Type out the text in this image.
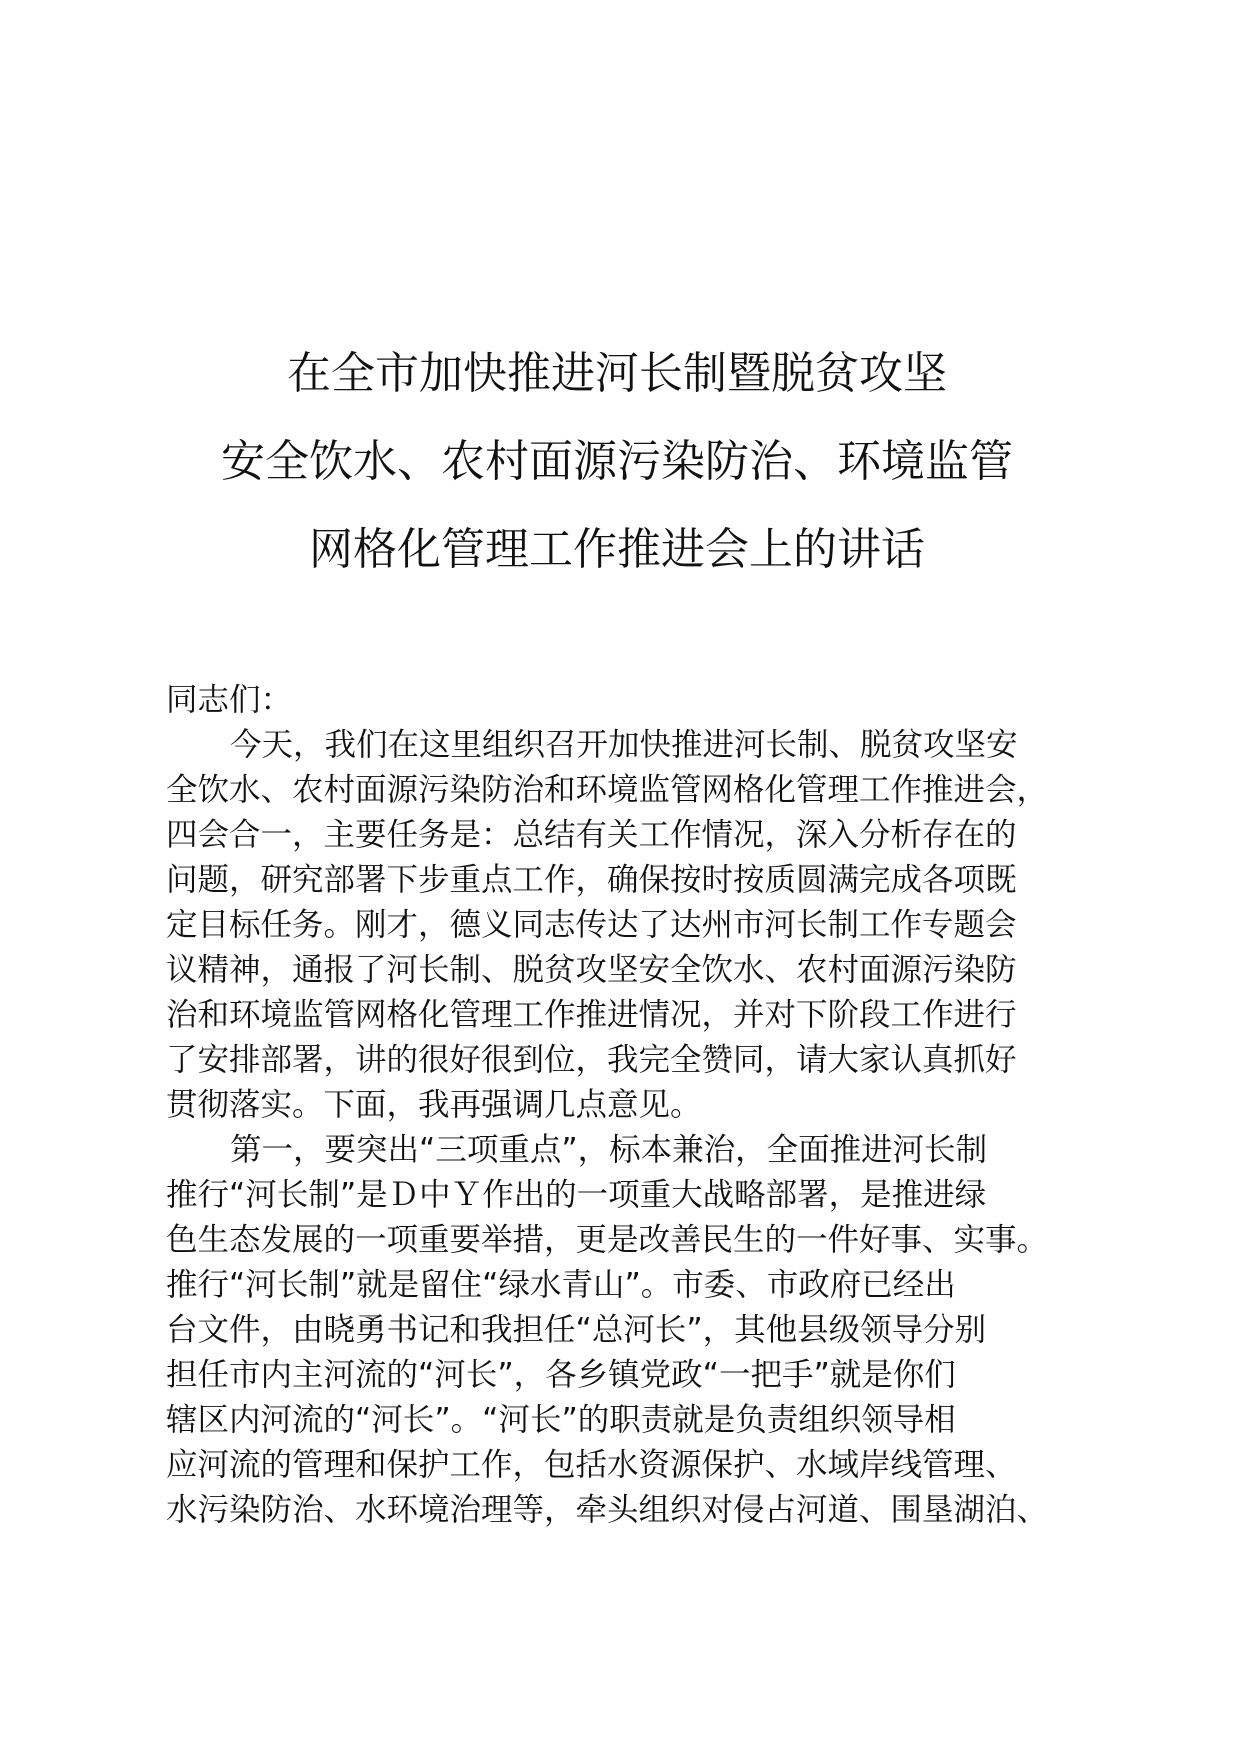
在全市加快推进河长制暨脱贫攻坚
安全饮水、农村面源污染防治、环境监管
网格化管理工作推进会上的讲话
同志们：
今天，我们在这里组织召开加快推进河长制、脱贫攻坚安
全饮水、农村面源污染防治和环境监管网格化管理工作推进会，
四会合一，主要任务是：总结有关工作情况，深入分析存在的
问题，研究部署下步重点工作，确保按时按质圆满完成各项既
定目标任务。刚才，德义同志传达了达州市河长制工作专题会
议精神，通报了河长制、脱贫攻坚安全饮水、农村面源污染防
治和环境监管网格化管理工作推进情况，并对下阶段工作进行
了安排部署，讲的很好很到位，我完全赞同，请大家认真抓好
贯彻落实。下面，我再强调几点意见。
第一，要突出“三项重点”，标本兼治，全面推进河长制
推行“河长制”是Ｄ中Ｙ作出的一项重大战略部署，是推进绿
色生态发展的一项重要举措，更是改善民生的一件好事、实事。
推行“河长制”就是留住“绿水青山”。市委、市政府已经出
台文件，由晓勇书记和我担任“总河长”，其他县级领导分别
担任市内主河流的“河长”，各乡镇党政“一把手”就是你们
辖区内河流的“河长”。“河长”的职责就是负责组织领导相
应河流的管理和保护工作，包括水资源保护、水域岸线管理、
水污染防治、水环境治理等，牵头组织对侵占河道、围垦湖泊、
